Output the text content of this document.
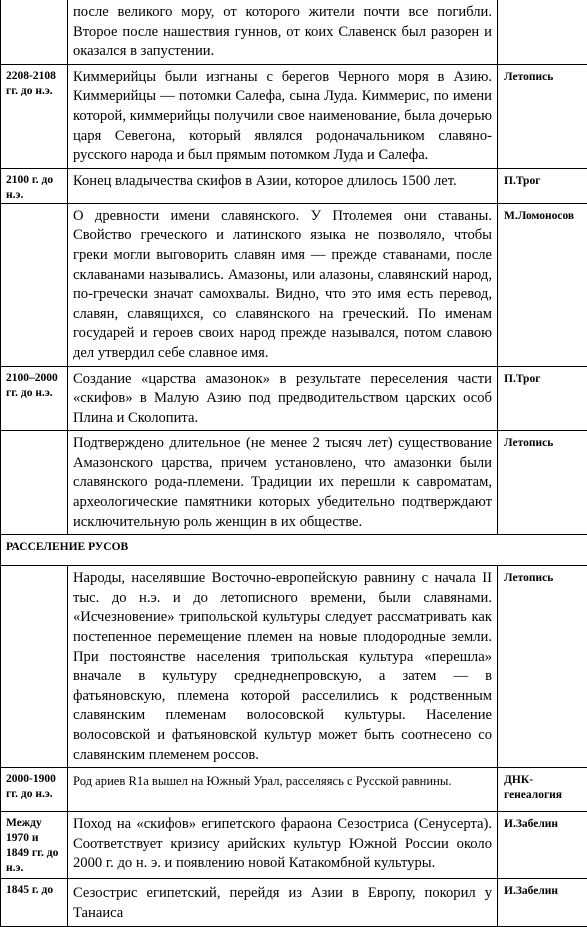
	после великого мору, от которого жители почти все погибли. Второе после нашествия гуннов, от коих Славенск был разорен и оказался в запустении.	
2208-2108 гг. до н.э.	Киммерийцы были изгнаны с берегов Черного моря в Азию. Киммерийцы — потомки Салефа, сына Луда. Киммерис, по имени которой, киммерийцы получили свое наименование, была дочерью царя Севегона, который являлся родоначальником славяно-русского народа и был прямым потомком Луда и Салефа.	Летопись
2100 г. до н.э.	Конец владычества скифов в Азии, которое длилось 1500 лет.	П.Трог
	О древности имени славянского. У Птолемея они ставаны. Свойство греческого и латинского языка не позволяло, чтобы греки могли выговорить славян имя — прежде ставанами, после склаванами назывались. Амазоны, или алазоны, славянский народ, по-гречески значат самохвалы. Видно, что это имя есть перевод, славян, славящихся, со славянского на греческий. По именам государей и героев своих народ прежде назывался, потом славою дел утвердил себе славное имя.	М.Ломоносов
2100–2000 гг. до н.э.	Создание «царства амазонок» в результате переселения части «скифов» в Малую Азию под предводительством царских особ Плина и Сколопита.	П.Трог
	Подтверждено длительное (не менее 2 тысяч лет) существование Амазонского царства, причем установлено, что амазонки были славянского рода-племени. Традиции их перешли к савроматам, археологические памятники которых убедительно подтверждают исключительную роль женщин в их обществе.	Летопись
РАССЕЛЕНИЕ РУСОВ		
	Народы, населявшие Восточно-европейскую равнину с начала II тыс. до н.э. и до летописного времени, были славянами. «Исчезновение» трипольской культуры следует рассматривать как постепенное перемещение племен на новые плодородные земли. При постоянстве населения трипольская культура «перешла» вначале в культуру среднеднепровскую, а затем — в фатьяновскую, племена которой расселились к родственным славянским племенам волосовской культуры. Население волосовской и фатьяновской культур может быть соотнесено со славянским племенем россов.	Летопись
2000-1900 гг. до н.э.	Род ариев R1a вышел на Южный Урал, расселяясь с Русской равнины.	ДНК-генеалогия
Между 1970 и 1849 гг. до н.э.	Поход на «скифов» египетского фараона Сезостриса (Сенусерта). Соответствует кризису арийских культур Южной России около 2000 г. до н. э. и появлению новой Катакомбной культуры.	И.Забелин
1845 г. до	Сезострис египетский, перейдя из Азии в Европу, покорил у Танаиса	И.Забелин
